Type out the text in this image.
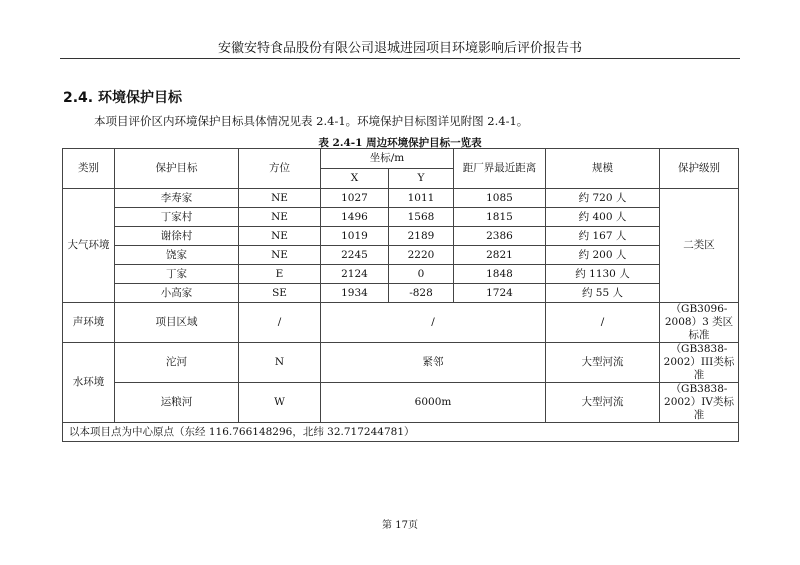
安徽安特食品股份有限公司退城进园项目环境影响后评价报告书
2.4. 环境保护目标
本项目评价区内环境保护目标具体情况见表 2.4-1。环境保护目标图详见附图 2.4-1。
表 2.4-1 周边环境保护目标一览表
类别	保护目标	方位	坐标/m		距厂界最近距离	规模	保护级别
			X	Y			
大气环境	李寿家	NE	1027	1011	1085	约 720 人	二类区
	丁家村	NE	1496	1568	1815	约 400 人	
	谢徐村	NE	1019	2189	2386	约 167 人	
	饶家	NE	2245	2220	2821	约 200 人	
	丁家	E	2124	0	1848	约 1130 人	
	小高家	SE	1934	-828	1724	约 55 人	
声环境	项目区域	/	/			/	（GB3096-2008）3 类区标准
水环境	沱河	N	紧邻			大型河流	（GB3838-2002）III类标准
	运粮河	W	6000m			大型河流	（GB3838-2002）IV类标准
以本项目点为中心原点（东经 116.766148296，北纬 32.717244781）							
第 17页
